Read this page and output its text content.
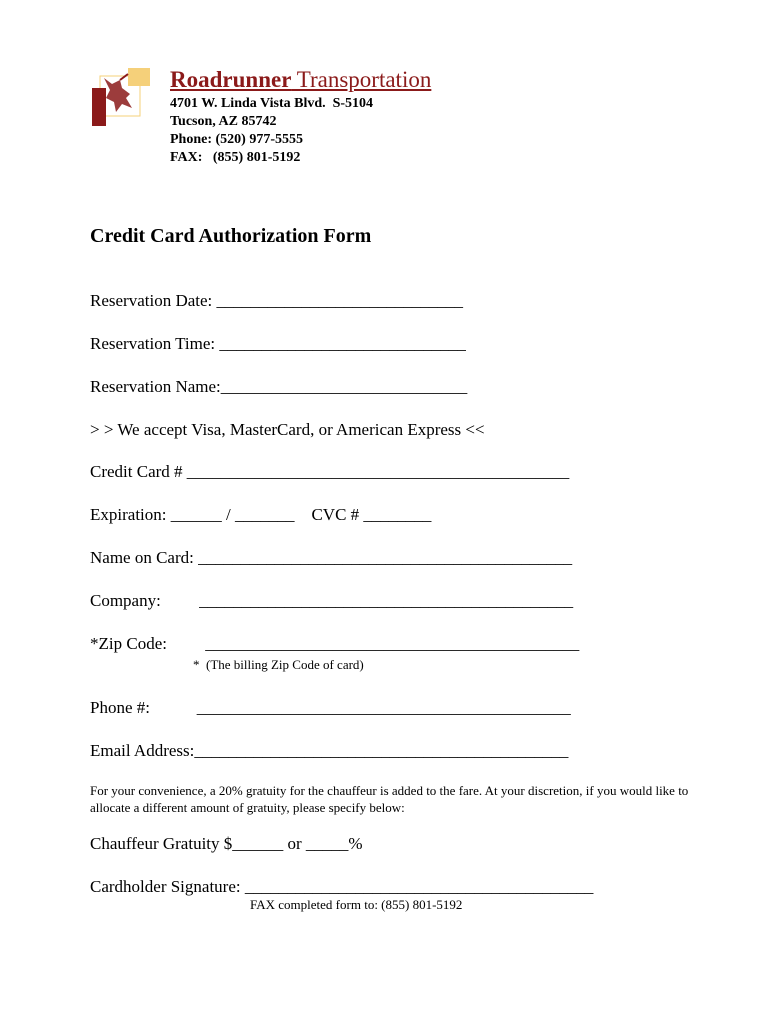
Roadrunner Transportation
4701 W. Linda Vista Blvd.  S-5104
Tucson, AZ 85742
Phone: (520) 977-5555
FAX:   (855) 801-5192
Credit Card Authorization Form
Reservation Date: _____________________________
Reservation Time: _____________________________
Reservation Name:_____________________________
> > We accept Visa, MasterCard, or American Express <<
Credit Card # _____________________________________________
Expiration: ______ / _______    CVC # ________
Name on Card: ____________________________________________
Company:         ____________________________________________
*Zip Code:         ____________________________________________
*  (The billing Zip Code of card)
Phone #:           ____________________________________________
Email Address:____________________________________________
For your convenience, a 20% gratuity for the chauffeur is added to the fare. At your discretion, if you would like to allocate a different amount of gratuity, please specify below:
Chauffeur Gratuity $______ or _____%
Cardholder Signature: _________________________________________
FAX completed form to: (855) 801-5192
